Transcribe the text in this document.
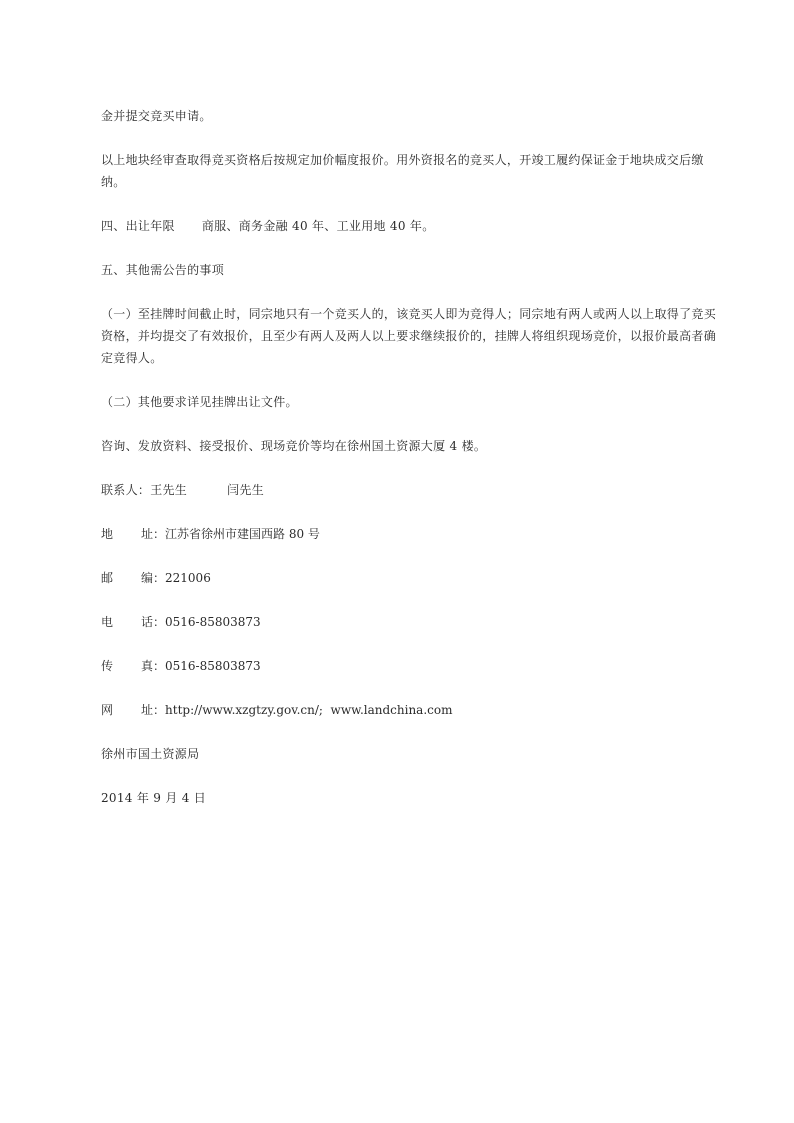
金并提交竞买申请。

以上地块经审查取得竞买资格后按规定加价幅度报价。用外资报名的竞买人，开竣工履约保证金于地块成交后缴纳。

四、出让年限 商服、商务金融 40 年、工业用地 40 年。

五、其他需公告的事项

（一）至挂牌时间截止时，同宗地只有一个竞买人的，该竞买人即为竞得人；同宗地有两人或两人以上取得了竞买资格，并均提交了有效报价，且至少有两人及两人以上要求继续报价的，挂牌人将组织现场竞价，以报价最高者确定竞得人。

（二）其他要求详见挂牌出让文件。

咨询、发放资料、接受报价、现场竞价等均在徐州国土资源大厦 4 楼。

联系人：王先生	闫先生

地	址： 江苏省徐州市建国西路 80 号
邮	编： 221006
电	话： 0516-85803873
传	真： 0516-85803873
网	址： http://www.xzgtzy.gov.cn/;  www.landchina.com

徐州市国土资源局

2014 年 9 月 4 日
